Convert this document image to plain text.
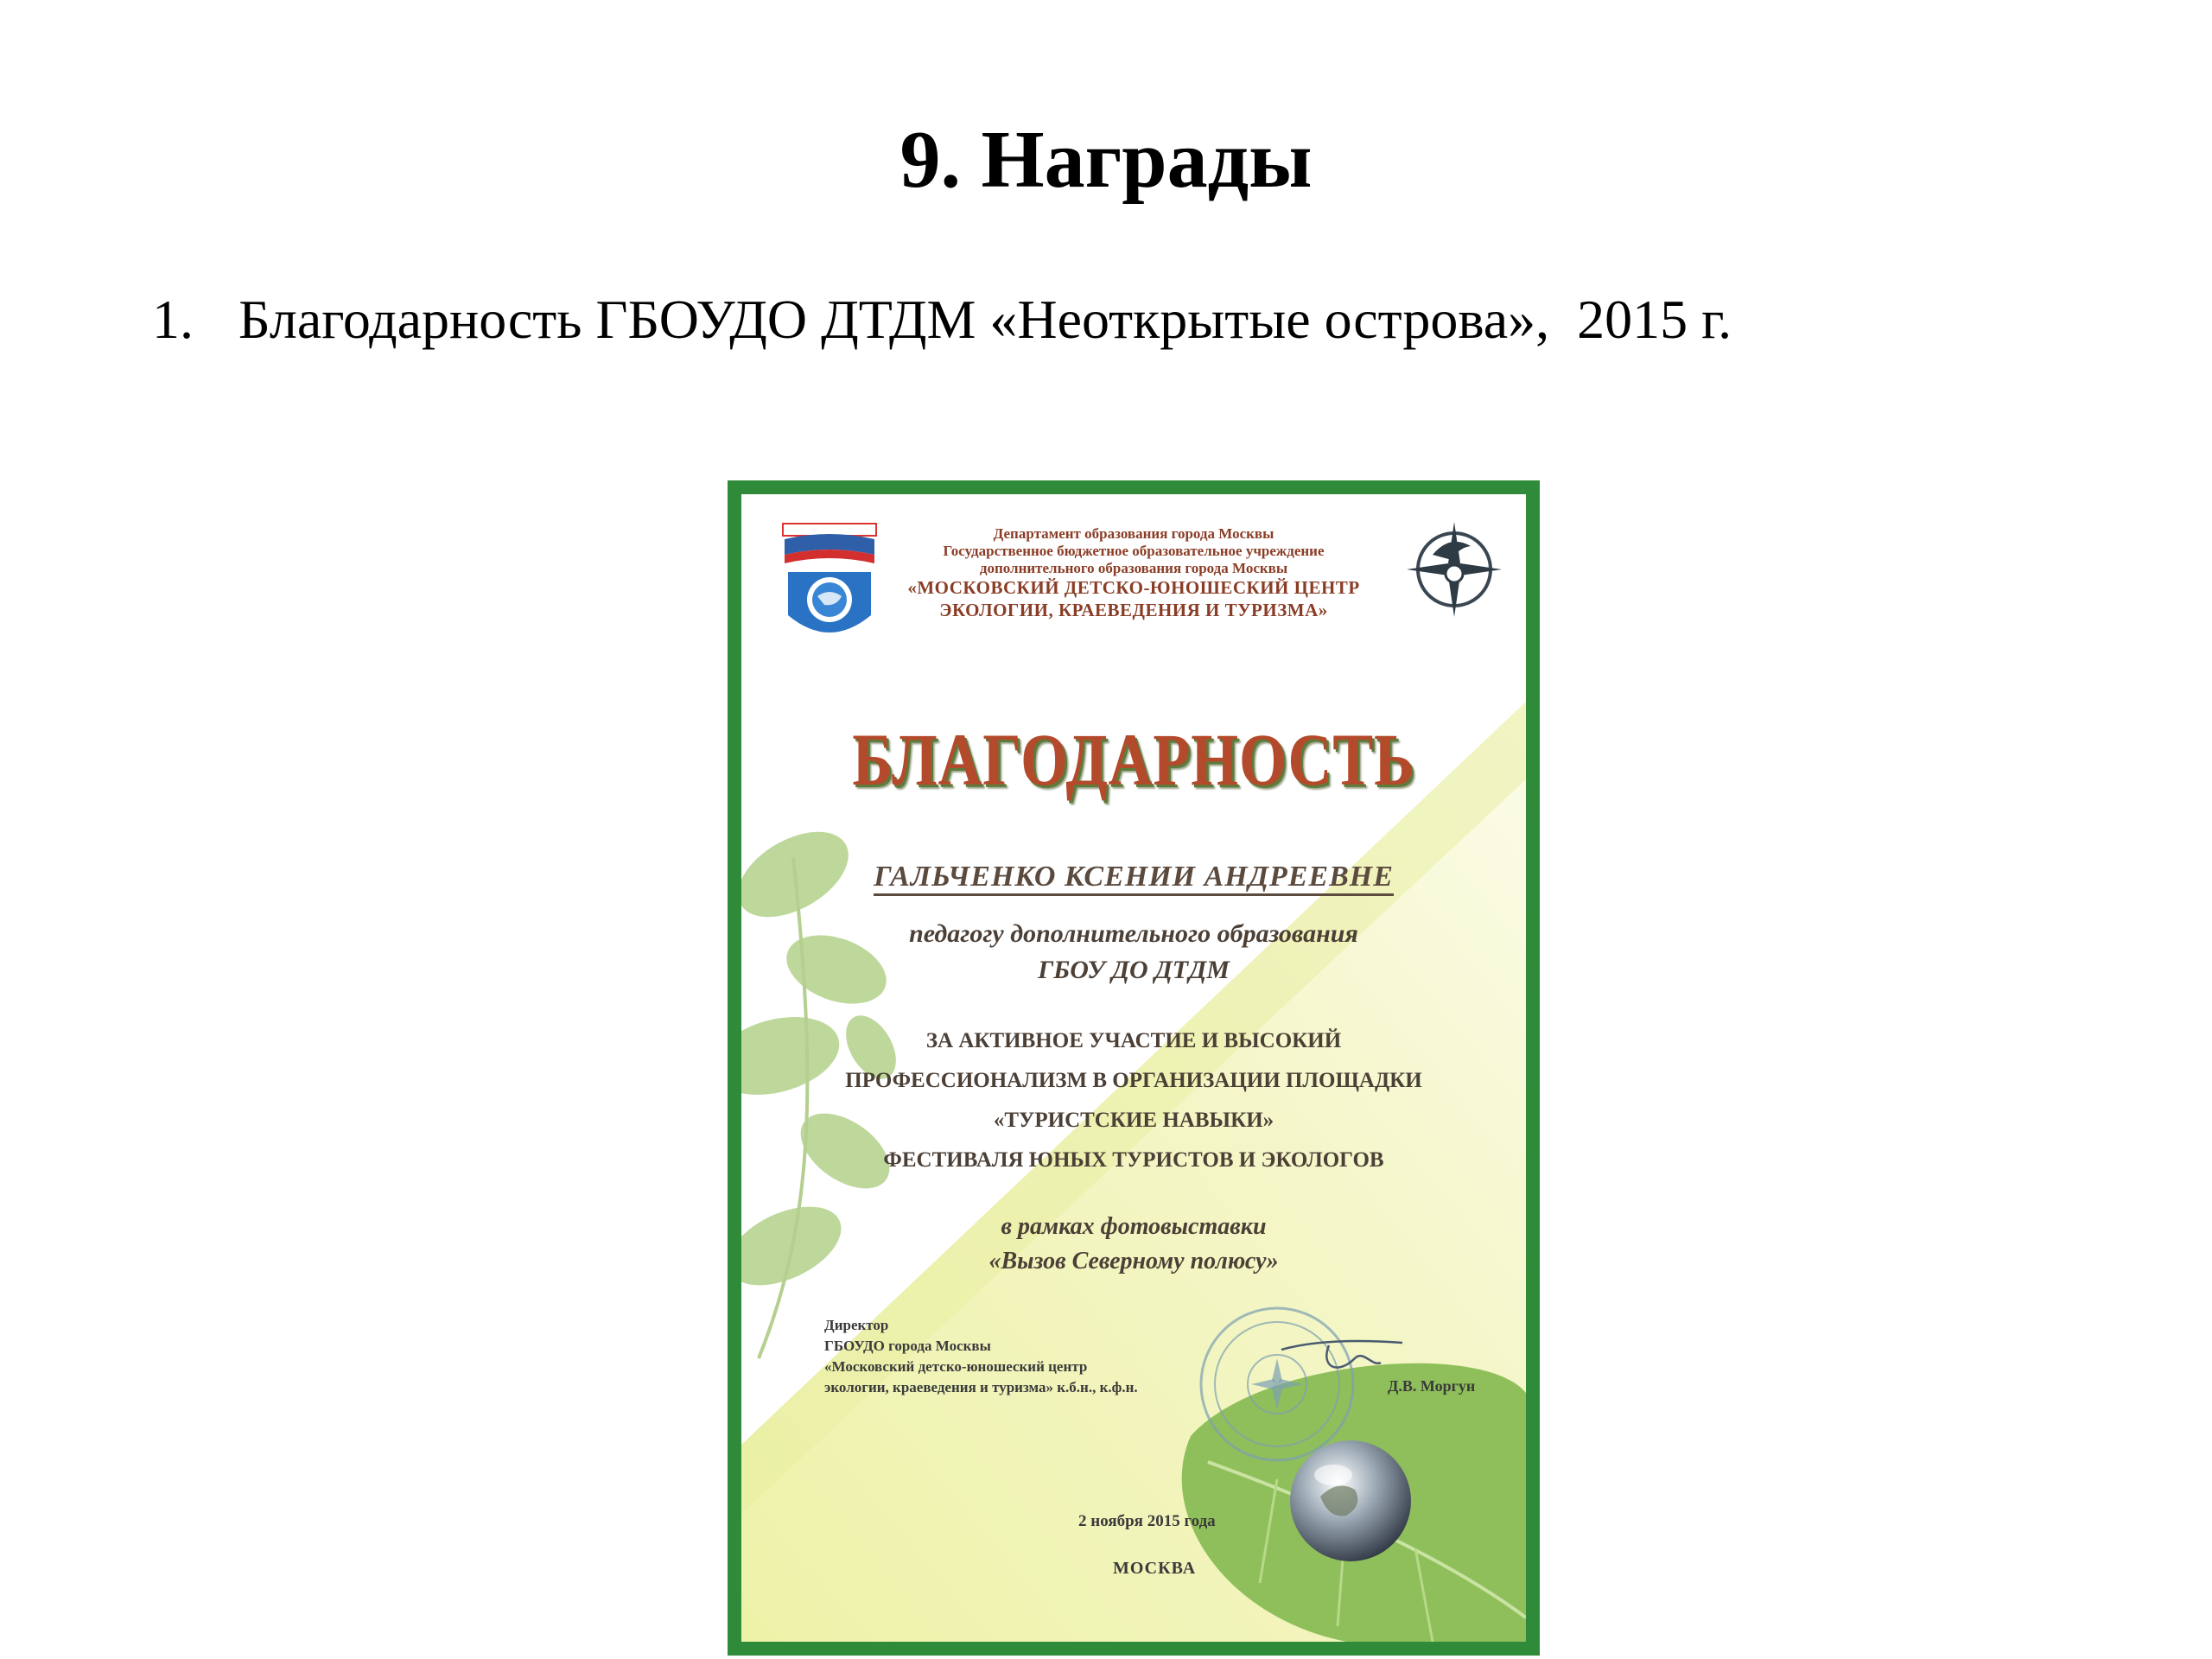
9. Награды
1. Благодарность ГБОУДО ДТДМ «Неоткрытые острова»,  2015 г.
Департамент образования города Москвы
Государственное бюджетное образовательное учреждение
дополнительного образования города Москвы
«МОСКОВСКИЙ ДЕТСКО-ЮНОШЕСКИЙ ЦЕНТР
ЭКОЛОГИИ, КРАЕВЕДЕНИЯ И ТУРИЗМА»
БЛАГОДАРНОСТЬ
ГАЛЬЧЕНКО КСЕНИИ АНДРЕЕВНЕ
педагогу дополнительного образования
ГБОУ ДО ДТДМ
ЗА АКТИВНОЕ УЧАСТИЕ И ВЫСОКИЙ
ПРОФЕССИОНАЛИЗМ В ОРГАНИЗАЦИИ ПЛОЩАДКИ
«ТУРИСТСКИЕ НАВЫКИ»
ФЕСТИВАЛЯ ЮНЫХ ТУРИСТОВ И ЭКОЛОГОВ
в рамках фотовыставки
«Вызов Северному полюсу»
Директор
ГБОУДО города Москвы
«Московский детско-юношеский центр
экологии, краеведения и туризма» к.б.н., к.ф.н.	Д.В. Моргун
2 ноября 2015 года
МОСКВА
